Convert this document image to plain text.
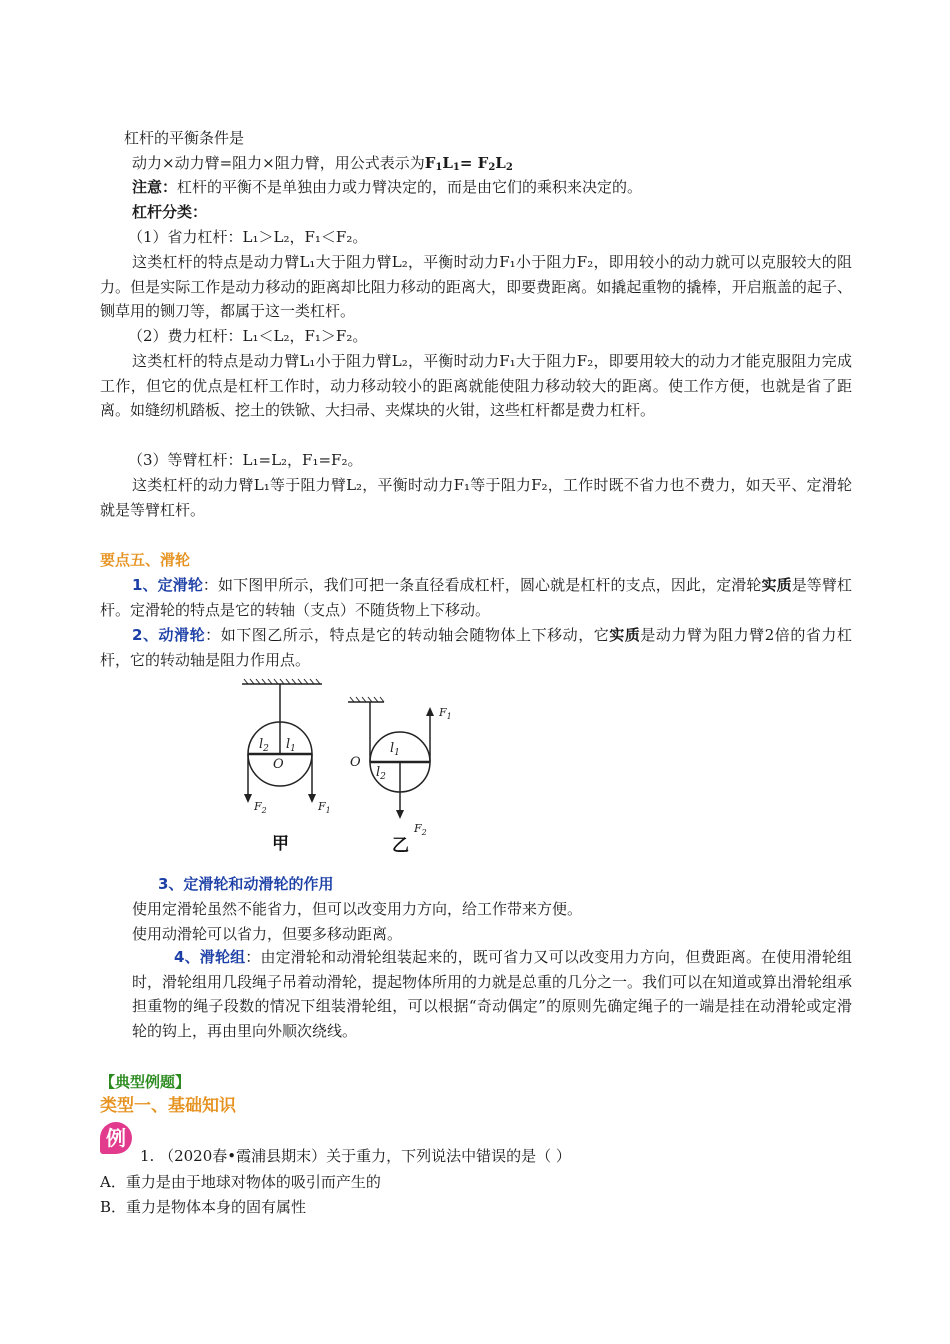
杠杆的平衡条件是
动力×动力臂=阻力×阻力臂，用公式表示为$F_1L_1= F_2L_2$
注意：杠杆的平衡不是单独由力或力臂决定的，而是由它们的乘积来决定的。
杠杆分类：
（1）省力杠杆：L₁＞L₂，F₁＜F₂。
这类杠杆的特点是动力臂L₁大于阻力臂L₂，平衡时动力F₁小于阻力F₂，即用较小的动力就可以克服较大的阻力。但是实际工作是动力移动的距离却比阻力移动的距离大，即要费距离。如撬起重物的撬棒，开启瓶盖的起子、铡草用的铡刀等，都属于这一类杠杆。
（2）费力杠杆：L₁＜L₂，F₁＞F₂。
这类杠杆的特点是动力臂L₁小于阻力臂L₂，平衡时动力F₁大于阻力F₂，即要用较大的动力才能克服阻力完成工作，但它的优点是杠杆工作时，动力移动较小的距离就能使阻力移动较大的距离。使工作方便，也就是省了距离。如缝纫机踏板、挖土的铁锨、大扫帚、夹煤块的火钳，这些杠杆都是费力杠杆。
（3）等臂杠杆：L₁=L₂，F₁=F₂。
这类杠杆的动力臂L₁等于阻力臂L₂，平衡时动力F₁等于阻力F₂，工作时既不省力也不费力，如天平、定滑轮就是等臂杠杆。
要点五、滑轮
1、定滑轮：如下图甲所示，我们可把一条直径看成杠杆，圆心就是杠杆的支点，因此，定滑轮实质是等臂杠杆。定滑轮的特点是它的转轴（支点）不随货物上下移动。
2、动滑轮：如下图乙所示，特点是它的转动轴会随物体上下移动，它实质是动力臂为阻力臂2倍的省力杠杆，它的转动轴是阻力作用点。
$l_2$ $l_1$
O
$F_2$	$F_1$
$l_1$
$l_2$
O
$F_1$
$F_2$
甲	乙
3、定滑轮和动滑轮的作用
使用定滑轮虽然不能省力，但可以改变用力方向，给工作带来方便。
使用动滑轮可以省力，但要多移动距离。
4、滑轮组：由定滑轮和动滑轮组装起来的，既可省力又可以改变用力方向，但费距离。在使用滑轮组时，滑轮组用几段绳子吊着动滑轮，提起物体所用的力就是总重的几分之一。我们可以在知道或算出滑轮组承担重物的绳子段数的情况下组装滑轮组，可以根据“奇动偶定”的原则先确定绳子的一端是挂在动滑轮或定滑轮的钩上，再由里向外顺次绕线。
【典型例题】
类型一、基础知识
例
1. （2020春•霞浦县期末）关于重力，下列说法中错误的是（ ）
A．重力是由于地球对物体的吸引而产生的
B．重力是物体本身的固有属性
